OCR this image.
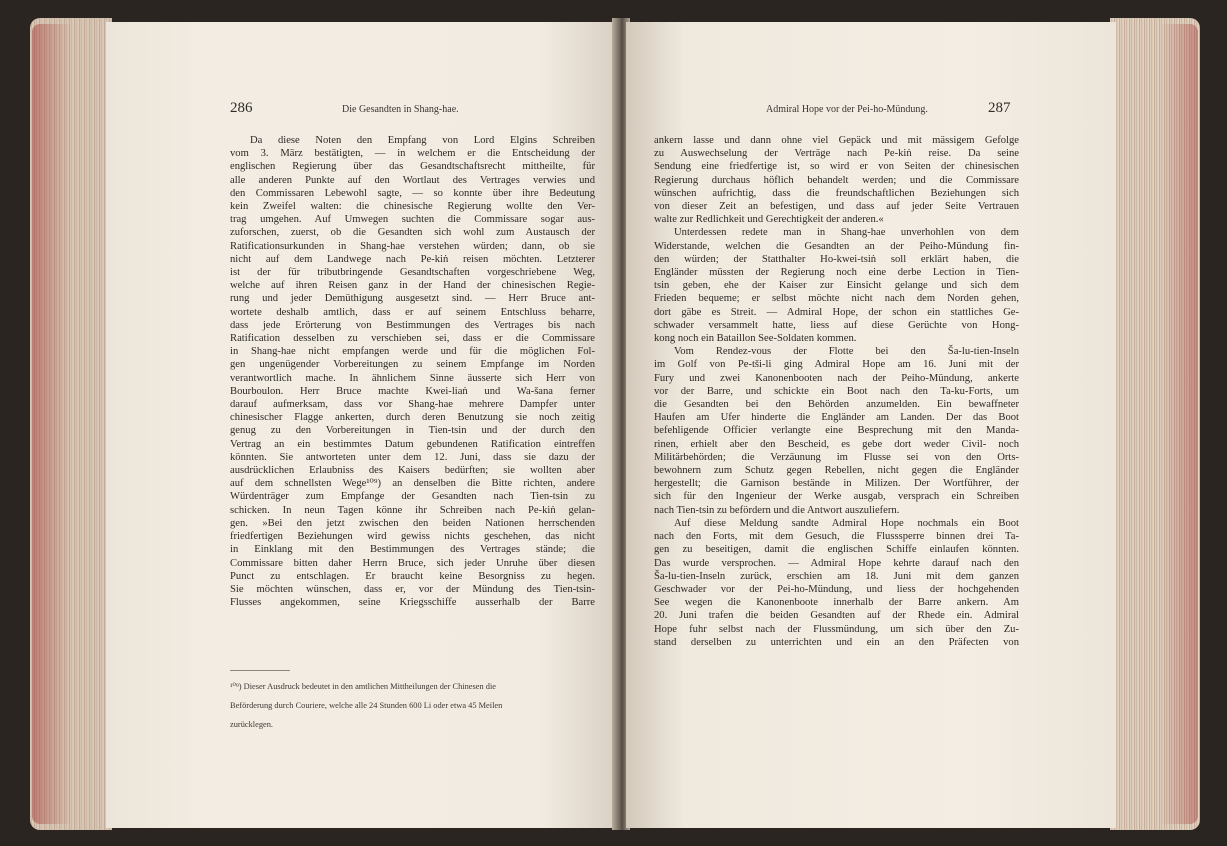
286	Die Gesandten in Shang-hae.

Da diese Noten den Empfang von Lord Elgins Schreiben

vom 3. März bestätigten, — in welchem er die Entscheidung der

englischen Regierung über das Gesandtschaftsrecht mittheilte, für

alle anderen Punkte auf den Wortlaut des Vertrages verwies und

den Commissaren Lebewohl sagte, — so konnte über ihre Bedeutung

kein Zweifel walten: die chinesische Regierung wollte den Ver-

trag umgehen. Auf Umwegen suchten die Commissare sogar aus-

zuforschen, zuerst, ob die Gesandten sich wohl zum Austausch der

Ratificationsurkunden in Shang-hae verstehen würden; dann, ob sie

nicht auf dem Landwege nach Pe-kiṅ reisen möchten. Letzterer

ist der für tributbringende Gesandtschaften vorgeschriebene Weg,

welche auf ihren Reisen ganz in der Hand der chinesischen Regie-

rung und jeder Demüthigung ausgesetzt sind. — Herr Bruce ant-

wortete deshalb amtlich, dass er auf seinem Entschluss beharre,

dass jede Erörterung von Bestimmungen des Vertrages bis nach

Ratification desselben zu verschieben sei, dass er die Commissare

in Shang-hae nicht empfangen werde und für die möglichen Fol-

gen ungenügender Vorbereitungen zu seinem Empfange im Norden

verantwortlich mache. In ähnlichem Sinne äusserte sich Herr von

Bourboulon. Herr Bruce machte Kwei-liaṅ und Wa-šana ferner

darauf aufmerksam, dass vor Shang-hae mehrere Dampfer unter

chinesischer Flagge ankerten, durch deren Benutzung sie noch zeitig

genug zu den Vorbereitungen in Tien-tsin und der durch den

Vertrag an ein bestimmtes Datum gebundenen Ratification eintreffen

könnten. Sie antworteten unter dem 12. Juni, dass sie dazu der

ausdrücklichen Erlaubniss des Kaisers bedürften; sie wollten aber

auf dem schnellsten Wege¹⁰⁹) an denselben die Bitte richten, andere

Würdenträger zum Empfange der Gesandten nach Tien-tsin zu

schicken. In neun Tagen könne ihr Schreiben nach Pe-kiṅ gelan-

gen. »Bei den jetzt zwischen den beiden Nationen herrschenden

friedfertigen Beziehungen wird gewiss nichts geschehen, das nicht

in Einklang mit den Bestimmungen des Vertrages stände; die

Commissare bitten daher Herrn Bruce, sich jeder Unruhe über diesen

Punct zu entschlagen. Er braucht keine Besorgniss zu hegen.

Sie möchten wünschen, dass er, vor der Mündung des Tien-tsin-

Flusses angekommen, seine Kriegsschiffe ausserhalb der Barre

¹⁰⁹) Dieser Ausdruck bedeutet in den amtlichen Mittheilungen der Chinesen die

Beförderung durch Couriere, welche alle 24 Stunden 600 Li oder etwa 45 Meilen

zurücklegen.

Admiral Hope vor der Pei-ho-Mündung.	287

ankern lasse und dann ohne viel Gepäck und mit mässigem Gefolge

zu Auswechselung der Verträge nach Pe-kiṅ reise. Da seine

Sendung eine friedfertige ist, so wird er von Seiten der chinesischen

Regierung durchaus höflich behandelt werden; und die Commissare

wünschen aufrichtig, dass die freundschaftlichen Beziehungen sich

von dieser Zeit an befestigen, und dass auf jeder Seite Vertrauen

walte zur Redlichkeit und Gerechtigkeit der anderen.«

Unterdessen redete man in Shang-hae unverhohlen von dem

Widerstande, welchen die Gesandten an der Peiho-Mündung fin-

den würden; der Statthalter Ho-kwei-tsiṅ soll erklärt haben, die

Engländer müssten der Regierung noch eine derbe Lection in Tien-

tsin geben, ehe der Kaiser zur Einsicht gelange und sich dem

Frieden bequeme; er selbst möchte nicht nach dem Norden gehen,

dort gäbe es Streit. — Admiral Hope, der schon ein stattliches Ge-

schwader versammelt hatte, liess auf diese Gerüchte von Hong-

kong noch ein Bataillon See-Soldaten kommen.

Vom Rendez-vous der Flotte bei den Ša-lu-tien-Inseln

im Golf von Pe-tši-li ging Admiral Hope am 16. Juni mit der

Fury und zwei Kanonenbooten nach der Peiho-Mündung, ankerte

vor der Barre, und schickte ein Boot nach den Ta-ku-Forts, um

die Gesandten bei den Behörden anzumelden. Ein bewaffneter

Haufen am Ufer hinderte die Engländer am Landen. Der das Boot

befehligende Officier verlangte eine Besprechung mit den Manda-

rinen, erhielt aber den Bescheid, es gebe dort weder Civil- noch

Militärbehörden; die Verzäunung im Flusse sei von den Orts-

bewohnern zum Schutz gegen Rebellen, nicht gegen die Engländer

hergestellt; die Garnison bestände in Milizen. Der Wortführer, der

sich für den Ingenieur der Werke ausgab, versprach ein Schreiben

nach Tien-tsin zu befördern und die Antwort auszuliefern.

Auf diese Meldung sandte Admiral Hope nochmals ein Boot

nach den Forts, mit dem Gesuch, die Flusssperre binnen drei Ta-

gen zu beseitigen, damit die englischen Schiffe einlaufen könnten.

Das wurde versprochen. — Admiral Hope kehrte darauf nach den

Ša-lu-tien-Inseln zurück, erschien am 18. Juni mit dem ganzen

Geschwader vor der Pei-ho-Mündung, und liess der hochgehenden

See wegen die Kanonenboote innerhalb der Barre ankern. Am

20. Juni trafen die beiden Gesandten auf der Rhede ein. Admiral

Hope fuhr selbst nach der Flussmündung, um sich über den Zu-

stand derselben zu unterrichten und ein an den Präfecten von
